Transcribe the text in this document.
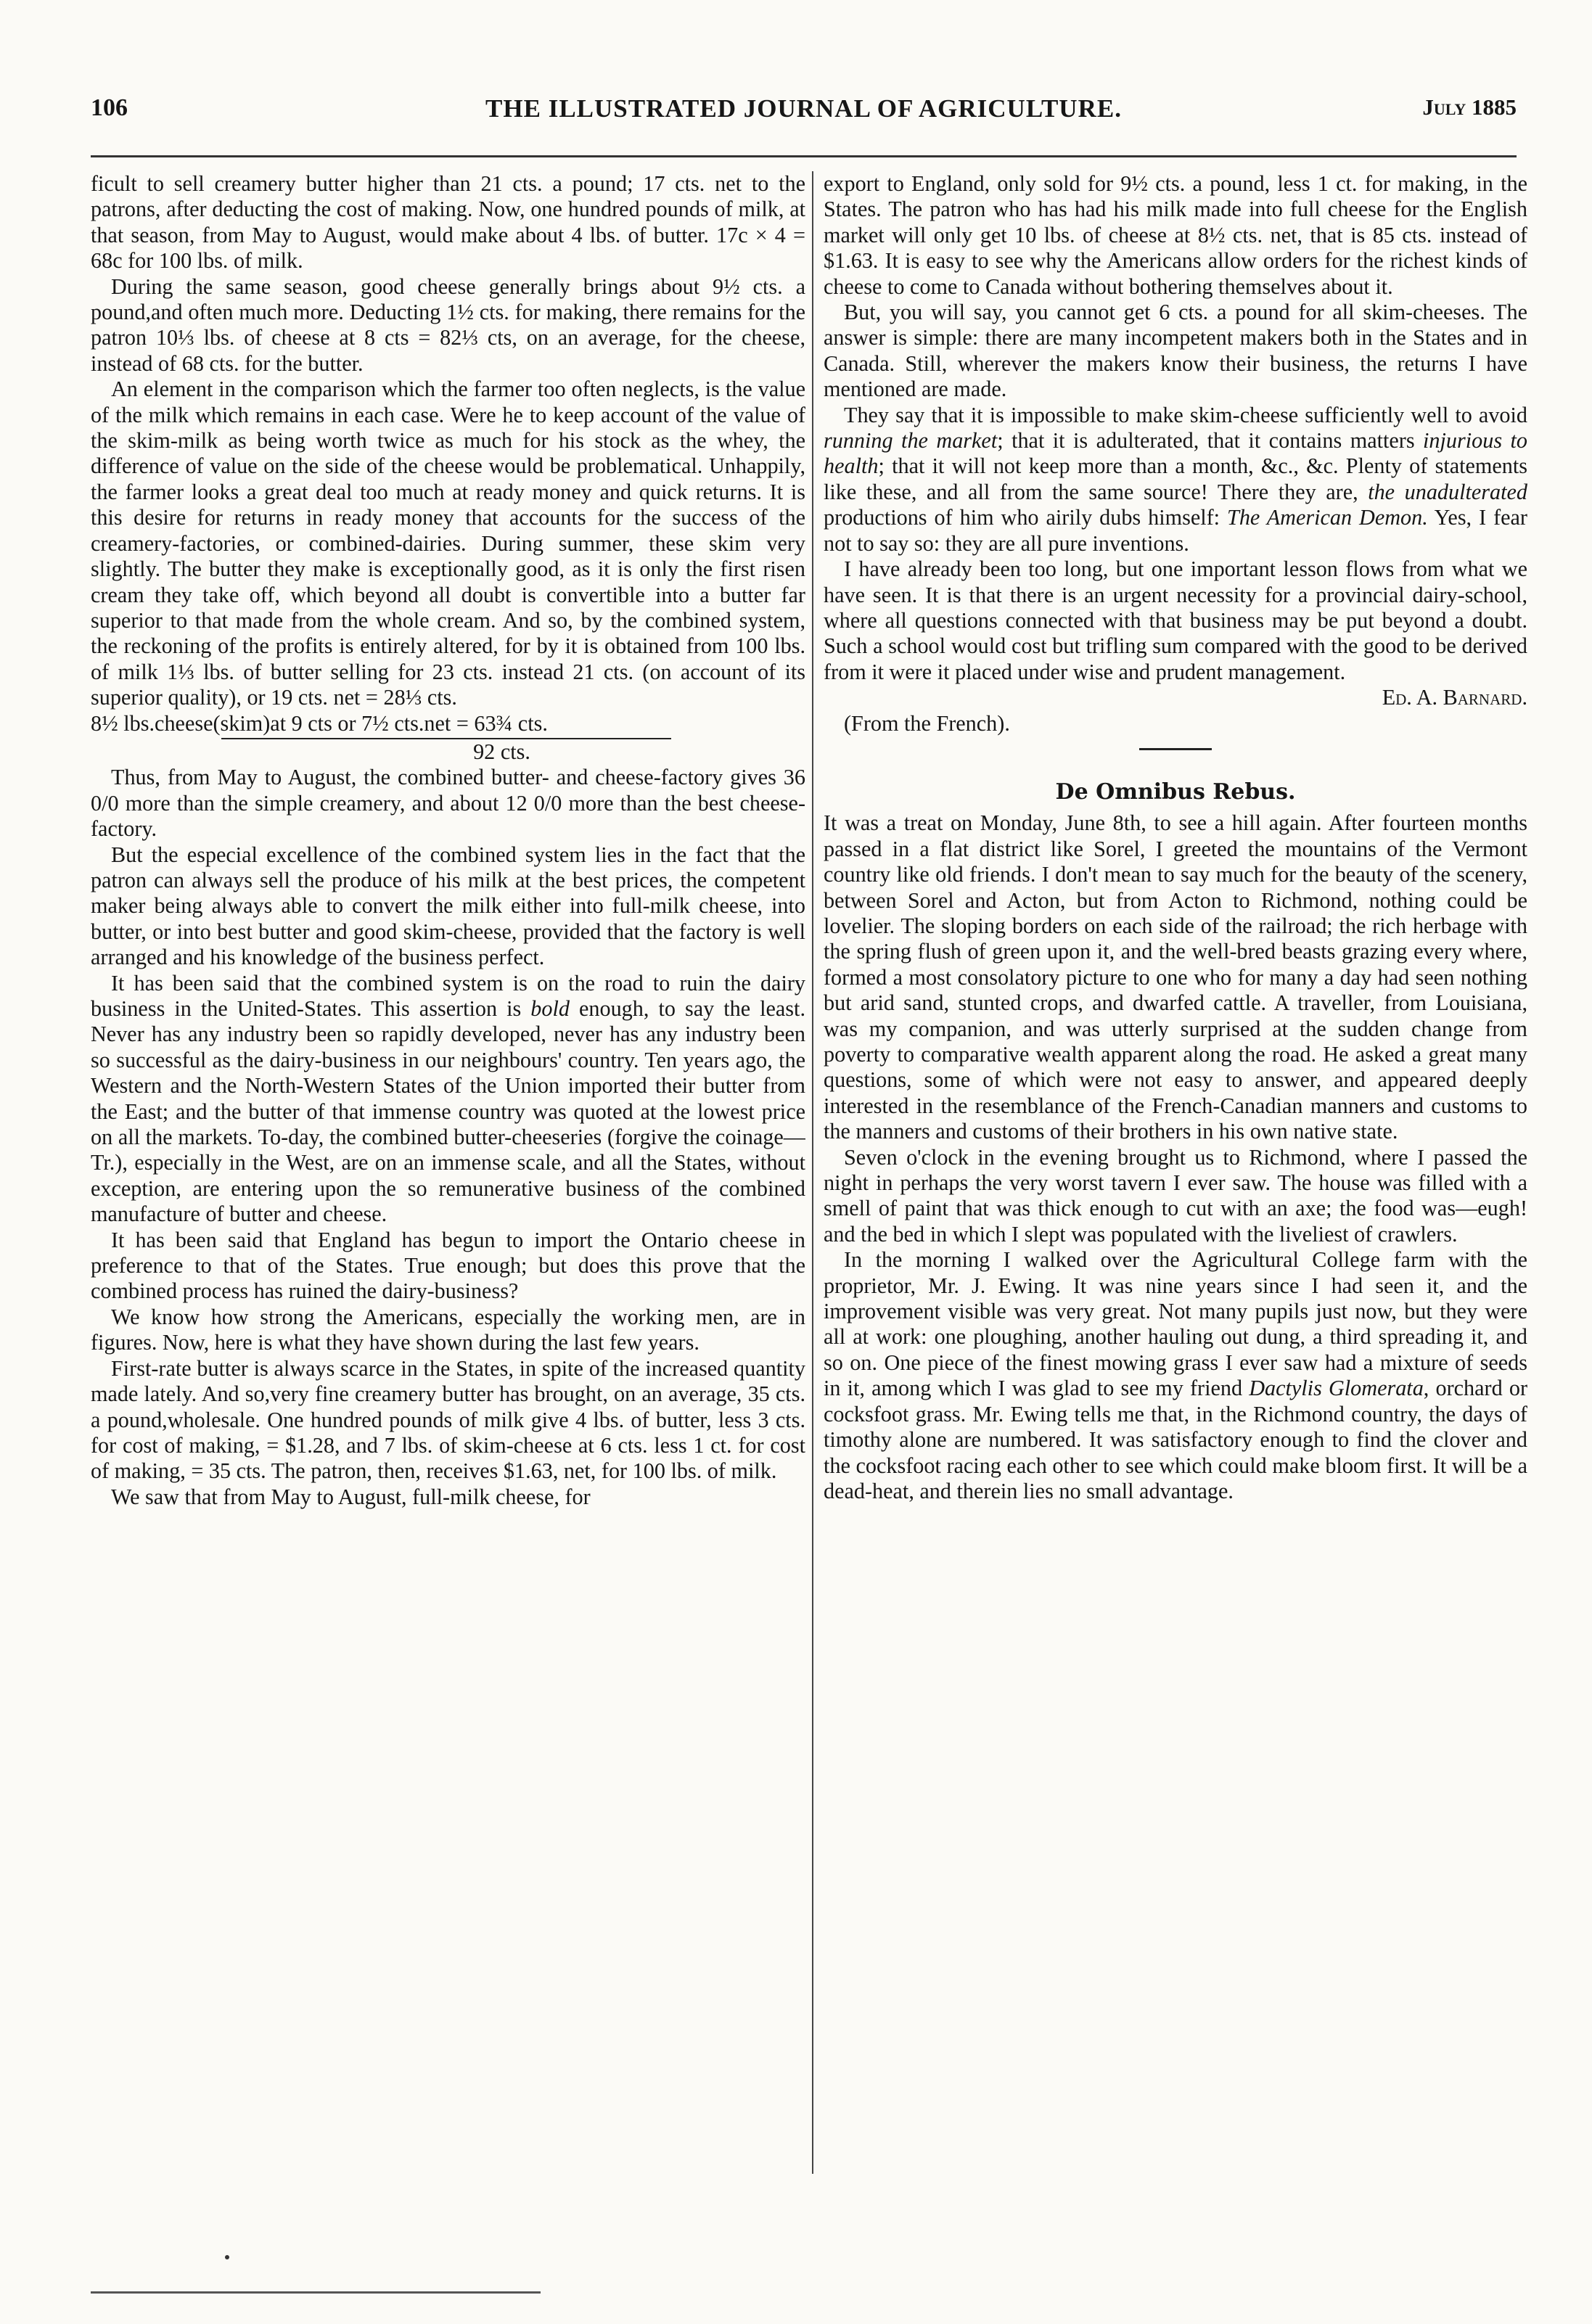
106	THE ILLUSTRATED JOURNAL OF AGRICULTURE.	July 1885

ficult to sell creamery butter higher than 21 cts. a pound; 17 cts. net to the patrons, after deducting the cost of making. Now, one hundred pounds of milk, at that season, from May to August, would make about 4 lbs. of butter. 17c × 4 = 68c for 100 lbs. of milk.

During the same season, good cheese generally brings about 9½ cts. a pound,and often much more. Deducting 1½ cts. for making, there remains for the patron 10⅓ lbs. of cheese at 8 cts = 82⅓ cts, on an average, for the cheese, instead of 68 cts. for the butter.

An element in the comparison which the farmer too often neglects, is the value of the milk which remains in each case. Were he to keep account of the value of the skim-milk as being worth twice as much for his stock as the whey, the difference of value on the side of the cheese would be problematical. Unhappily, the farmer looks a great deal too much at ready money and quick returns. It is this desire for returns in ready money that accounts for the success of the creamery-factories, or combined-dairies. During summer, these skim very slightly. The butter they make is exceptionally good, as it is only the first risen cream they take off, which beyond all doubt is convertible into a butter far superior to that made from the whole cream. And so, by the combined system, the reckoning of the profits is entirely altered, for by it is obtained from 100 lbs. of milk 1⅓ lbs. of butter selling for 23 cts. instead 21 cts. (on account of its superior quality), or 19 cts. net = 28⅓ cts.

8½ lbs.cheese(skim)at 9 cts or 7½ cts.net = 63¾ cts.

92 cts.

Thus, from May to August, the combined butter- and cheese-factory gives 36 0/0 more than the simple creamery, and about 12 0/0 more than the best cheese-factory.

But the especial excellence of the combined system lies in the fact that the patron can always sell the produce of his milk at the best prices, the competent maker being always able to convert the milk either into full-milk cheese, into butter, or into best butter and good skim-cheese, provided that the factory is well arranged and his knowledge of the business perfect.

It has been said that the combined system is on the road to ruin the dairy business in the United-States. This assertion is bold enough, to say the least. Never has any industry been so rapidly developed, never has any industry been so successful as the dairy-business in our neighbours' country. Ten years ago, the Western and the North-Western States of the Union imported their butter from the East; and the butter of that immense country was quoted at the lowest price on all the markets. To-day, the combined butter-cheeseries (forgive the coinage—Tr.), especially in the West, are on an immense scale, and all the States, without exception, are entering upon the so remunerative business of the combined manufacture of butter and cheese.

It has been said that England has begun to import the Ontario cheese in preference to that of the States. True enough; but does this prove that the combined process has ruined the dairy-business?

We know how strong the Americans, especially the working men, are in figures. Now, here is what they have shown during the last few years.

First-rate butter is always scarce in the States, in spite of the increased quantity made lately. And so,very fine creamery butter has brought, on an average, 35 cts. a pound,wholesale. One hundred pounds of milk give 4 lbs. of butter, less 3 cts. for cost of making, = $1.28, and 7 lbs. of skim-cheese at 6 cts. less 1 ct. for cost of making, = 35 cts. The patron, then, receives $1.63, net, for 100 lbs. of milk.

We saw that from May to August, full-milk cheese, for

export to England, only sold for 9½ cts. a pound, less 1 ct. for making, in the States. The patron who has had his milk made into full cheese for the English market will only get 10 lbs. of cheese at 8½ cts. net, that is 85 cts. instead of $1.63. It is easy to see why the Americans allow orders for the richest kinds of cheese to come to Canada without bothering themselves about it.

But, you will say, you cannot get 6 cts. a pound for all skim-cheeses. The answer is simple: there are many incompetent makers both in the States and in Canada. Still, wherever the makers know their business, the returns I have mentioned are made.

They say that it is impossible to make skim-cheese sufficiently well to avoid running the market; that it is adulterated, that it contains matters injurious to health; that it will not keep more than a month, &c., &c. Plenty of statements like these, and all from the same source! There they are, the unadulterated productions of him who airily dubs himself: The American Demon. Yes, I fear not to say so: they are all pure inventions.

I have already been too long, but one important lesson flows from what we have seen. It is that there is an urgent necessity for a provincial dairy-school, where all questions connected with that business may be put beyond a doubt. Such a school would cost but trifling sum compared with the good to be derived from it were it placed under wise and prudent management.

Ed. A. Barnard.

(From the French).

De Omnibus Rebus.

It was a treat on Monday, June 8th, to see a hill again. After fourteen months passed in a flat district like Sorel, I greeted the mountains of the Vermont country like old friends. I don't mean to say much for the beauty of the scenery, between Sorel and Acton, but from Acton to Richmond, nothing could be lovelier. The sloping borders on each side of the railroad; the rich herbage with the spring flush of green upon it, and the well-bred beasts grazing every where, formed a most consolatory picture to one who for many a day had seen nothing but arid sand, stunted crops, and dwarfed cattle. A traveller, from Louisiana, was my companion, and was utterly surprised at the sudden change from poverty to comparative wealth apparent along the road. He asked a great many questions, some of which were not easy to answer, and appeared deeply interested in the resemblance of the French-Canadian manners and customs to the manners and customs of their brothers in his own native state.

Seven o'clock in the evening brought us to Richmond, where I passed the night in perhaps the very worst tavern I ever saw. The house was filled with a smell of paint that was thick enough to cut with an axe; the food was—eugh! and the bed in which I slept was populated with the liveliest of crawlers.

In the morning I walked over the Agricultural College farm with the proprietor, Mr. J. Ewing. It was nine years since I had seen it, and the improvement visible was very great. Not many pupils just now, but they were all at work: one ploughing, another hauling out dung, a third spreading it, and so on. One piece of the finest mowing grass I ever saw had a mixture of seeds in it, among which I was glad to see my friend Dactylis Glomerata, orchard or cocksfoot grass. Mr. Ewing tells me that, in the Richmond country, the days of timothy alone are numbered. It was satisfactory enough to find the clover and the cocksfoot racing each other to see which could make bloom first. It will be a dead-heat, and therein lies no small advantage.
